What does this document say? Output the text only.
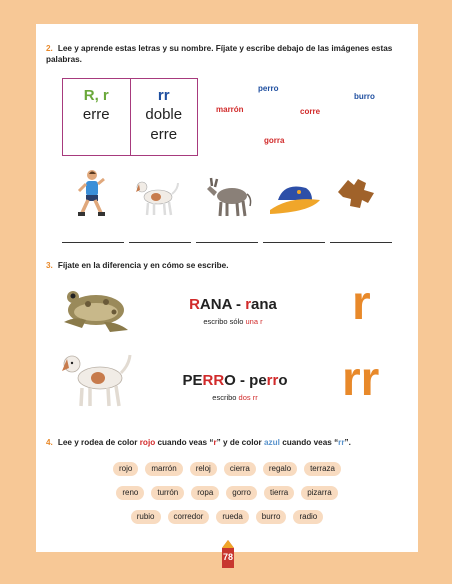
2. Lee y aprende estas letras y su nombre. Fíjate y escribe debajo de las imágenes estas palabras.
R, r
erre
rr
doble
erre
perro
burro
marrón	corre
gorra
3. Fíjate en la diferencia y en cómo se escribe.
RANA - rana
escribo sólo una r	r
PERRO - perro
escribo dos rr	rr
4. Lee y rodea de color rojo cuando veas “r” y de color azul cuando veas “rr”.
rojo	marrón	reloj	cierra	regalo	terraza
reno	turrón	ropa	gorro	tierra	pizarra
rubio	corredor	rueda	burro	radio
78
